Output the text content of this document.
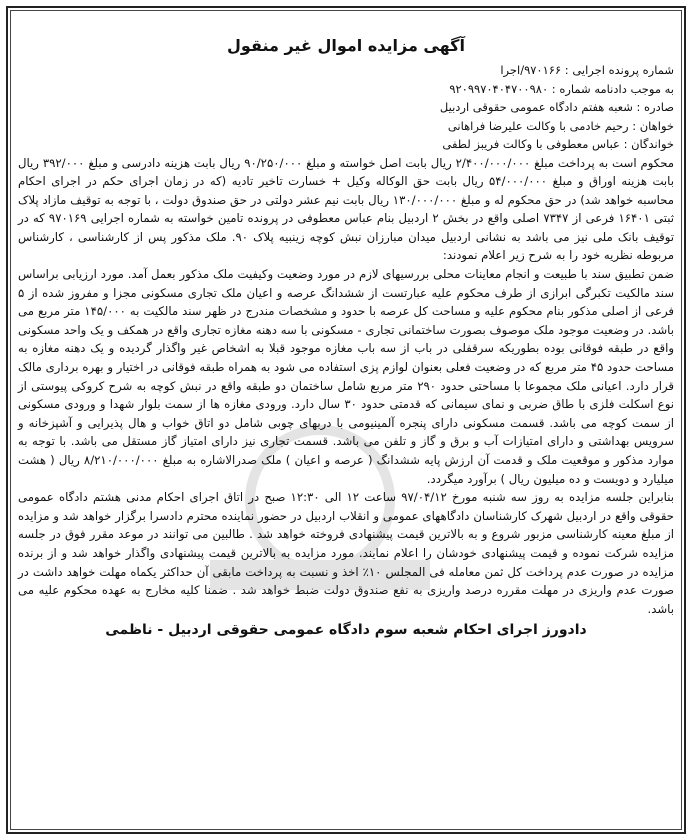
آگهی مزایده اموال غیر منقول

شماره پرونده اجرایی : ۹۷۰۱۶۶/اجرا

به موجب دادنامه شماره : ۹۲۰۹۹۷۰۴۰۴۷۰۰۹۸۰

صادره : شعبه هفتم دادگاه عمومی حقوقی اردبیل

خواهان : رحیم خادمی با وکالت علیرضا فراهانی

خواندگان : عباس معطوفی با وکالت فریبز لطفی

محکوم است به پرداخت مبلغ ۲/۴۰۰/۰۰۰/۰۰۰ ریال بابت اصل خواسته و مبلغ ۹۰/۲۵۰/۰۰۰ ریال بابت هزینه دادرسی و مبلغ ۳۹۲/۰۰۰ ریال بابت هزینه اوراق و مبلغ ۵۴/۰۰۰/۰۰۰ ریال بابت حق الوکاله وکیل + خسارت تاخیر تادیه (که در زمان اجرای حکم در اجرای احکام محاسبه خواهد شد) در حق محکوم له و مبلغ ۱۳۰/۰۰۰/۰۰۰ ریال بابت نیم عشر دولتی در حق صندوق دولت ، با توجه به توقیف مازاد پلاک ثبتی ۱۶۴۰۱ فرعی از ۷۳۴۷ اصلی واقع در بخش ۲ اردبیل بنام عباس معطوفی در پرونده تامین خواسته به شماره اجرایی ۹۷۰۱۶۹ که در توقیف بانک ملی نیز می باشد به نشانی اردبیل میدان مبارزان نبش کوچه زینبیه پلاک ۹۰. ملک مذکور پس از کارشناسی ، کارشناس مربوطه نظریه خود را به شرح زیر اعلام نمودند:

ضمن تطبیق سند با طبیعت و انجام معاینات محلی بررسیهای لازم در مورد وضعیت وکیفیت ملک مذکور بعمل آمد. مورد ارزیابی براساس سند مالکیت تکبرگی ابرازی از طرف محکوم علیه عبارتست از ششدانگ عرصه و اعیان ملک تجاری مسکونی مجزا و مفروز شده از ۵ فرعی از اصلی مذکور بنام محکوم علیه و مساحت کل عرصه با حدود و مشخصات مندرج در ظهر سند مالکیت به ۱۴۵/۰۰۰ متر مربع می باشد. در وضعیت موجود ملک موصوف بصورت ساختمانی تجاری - مسکونی با سه دهنه مغازه تجاری واقع در همکف و یک واحد مسکونی واقع در طبقه فوقانی بوده بطوریکه سرقفلی در باب از سه باب مغازه موجود قبلا به اشخاص غیر واگذار گردیده و یک دهنه مغازه به مساحت حدود ۴۵ متر مربع که در وضعیت فعلی بعنوان لوازم پزی استفاده می شود به همراه طبقه فوقانی در اختیار و بهره برداری مالک قرار دارد. اعیانی ملک مجموعا با مساحتی حدود ۲۹۰ متر مربع شامل ساختمان دو طبقه واقع در نبش کوچه به شرح کروکی پیوستی از نوع اسکلت فلزی با طاق ضربی و نمای سیمانی که قدمتی حدود ۳۰ سال دارد. ورودی مغازه ها از سمت بلوار شهدا و ورودی مسکونی از سمت کوچه می باشد. قسمت مسکونی دارای پنجره آلمینیومی با دربهای چوبی شامل دو اتاق خواب و هال پذیرایی و آشپزخانه و سرویس بهداشتی و دارای امتیازات آب و برق و گاز و تلفن می باشد. قسمت تجاری نیز دارای امتیاز گاز مستقل می باشد. با توجه به موارد مذکور و موقعیت ملک و قدمت آن ارزش پایه ششدانگ ( عرصه و اعیان ) ملک صدرالاشاره به مبلغ ۸/۲۱۰/۰۰۰/۰۰۰ ریال ( هشت میلیارد و دویست و ده میلیون ریال ) برآورد میگردد.

بنابراین جلسه مزایده به روز سه شنبه مورخ ۹۷/۰۴/۱۲ ساعت ۱۲ الی ۱۲:۳۰ صبح در اتاق اجرای احکام مدنی هشتم دادگاه عمومی حقوقی واقع در اردبیل شهرک کارشناسان دادگاههای عمومی و انقلاب اردبیل در حضور نماینده محترم دادسرا برگزار خواهد شد و مزایده از مبلغ معینه کارشناسی مزبور شروع و به بالاترین قیمت پیشنهادی فروخته خواهد شد . طالبین می توانند در موعد مقرر فوق در جلسه مزایده شرکت نموده و قیمت پیشنهادی خودشان را اعلام نمایند. مورد مزایده به بالاترین قیمت پیشنهادی واگذار خواهد شد و از برنده مزایده در صورت عدم پرداخت کل ثمن معامله فی المجلس ۱۰٪ اخذ و نسبت به پرداخت مابقی آن حداکثر یکماه مهلت خواهد داشت در صورت عدم واریزی در مهلت مقرره درصد واریزی به نفع صندوق دولت ضبط خواهد شد . ضمنا کلیه مخارج به عهده محکوم علیه می باشد.

دادورز اجرای احکام شعبه سوم دادگاه عمومی حقوقی اردبیل - ناظمی
